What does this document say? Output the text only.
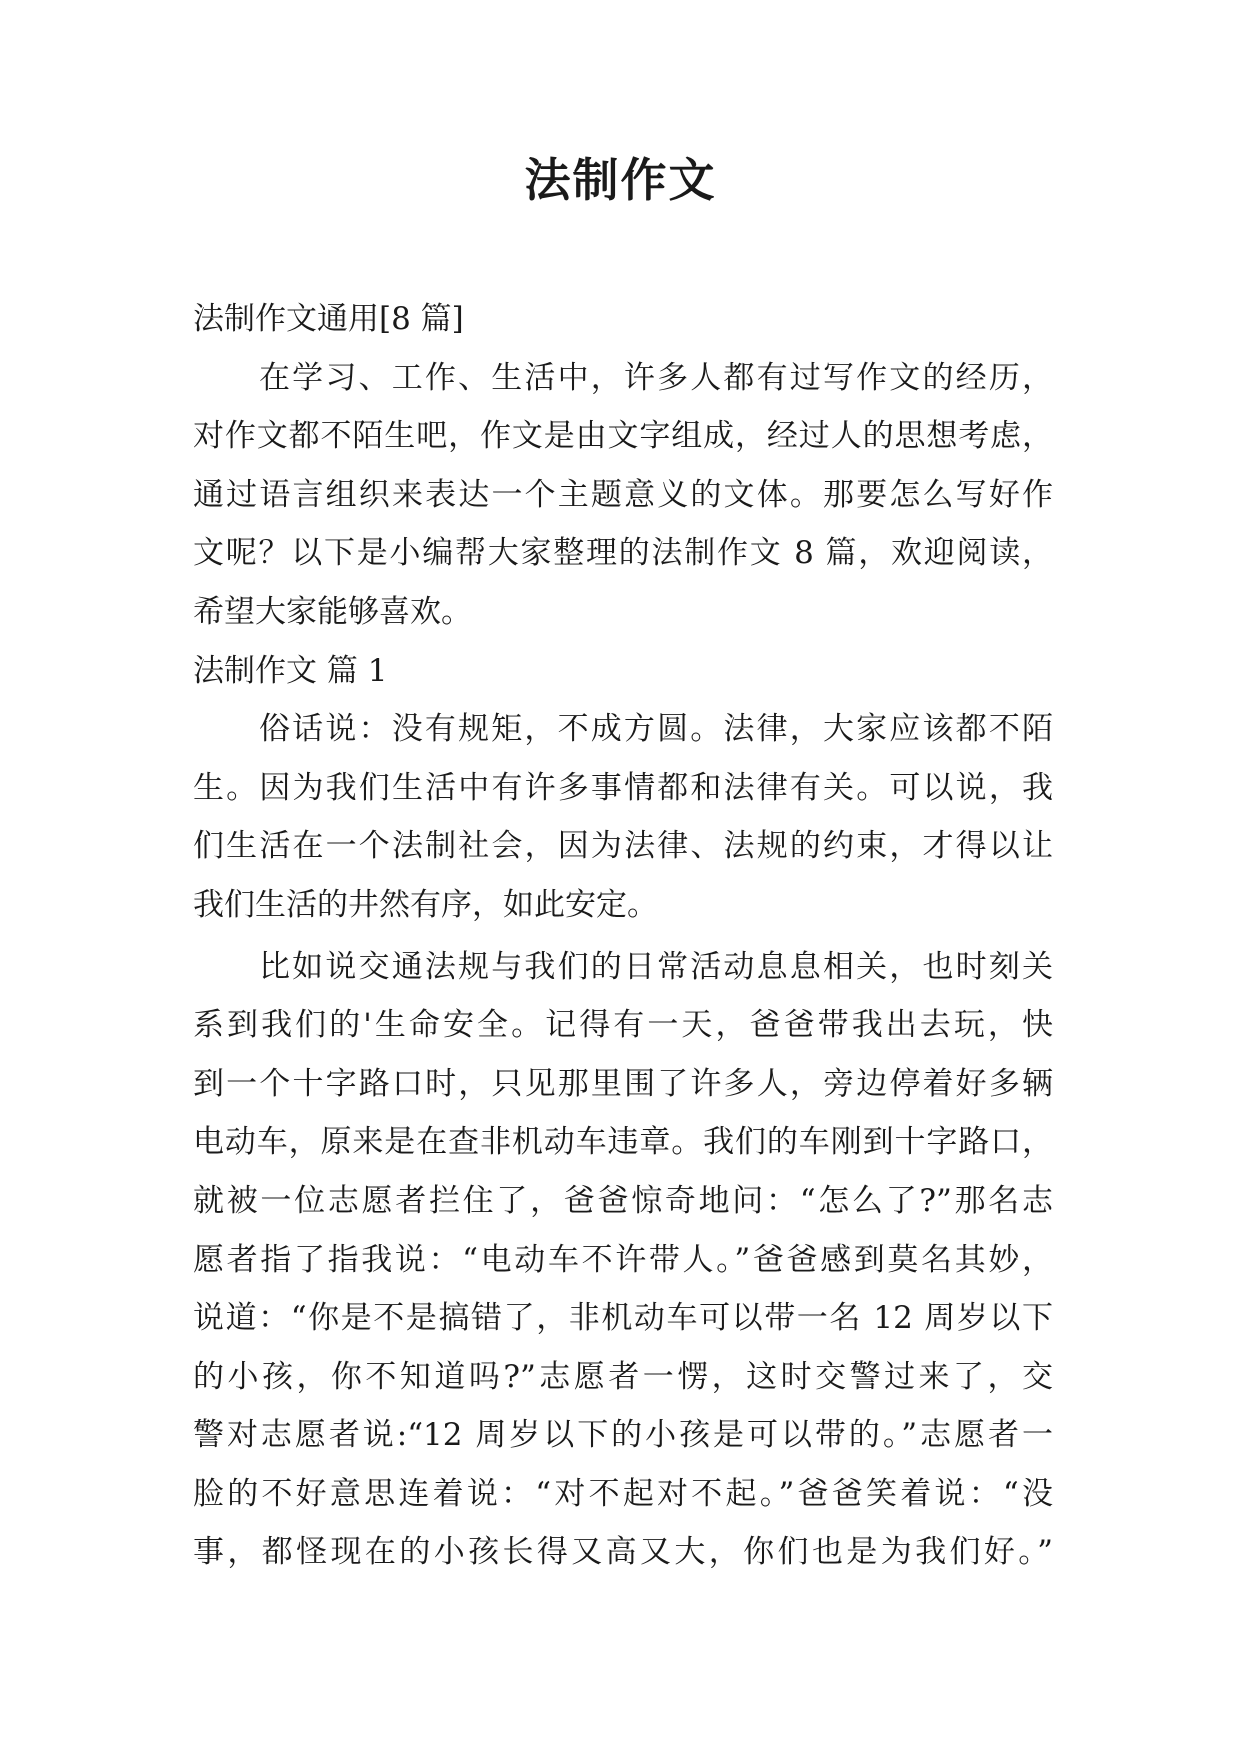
法制作文
法制作文通用[8 篇]
在学习、工作、生活中，许多人都有过写作文的经历，
对作文都不陌生吧，作文是由文字组成，经过人的思想考虑，
通过语言组织来表达一个主题意义的文体。那要怎么写好作
文呢？以下是小编帮大家整理的法制作文 8 篇，欢迎阅读，
希望大家能够喜欢。
法制作文 篇 1
俗话说：没有规矩，不成方圆。法律，大家应该都不陌
生。因为我们生活中有许多事情都和法律有关。可以说，我
们生活在一个法制社会，因为法律、法规的约束，才得以让
我们生活的井然有序，如此安定。
比如说交通法规与我们的日常活动息息相关，也时刻关
系到我们的'生命安全。记得有一天，爸爸带我出去玩，快
到一个十字路口时，只见那里围了许多人，旁边停着好多辆
电动车，原来是在查非机动车违章。我们的车刚到十字路口，
就被一位志愿者拦住了，爸爸惊奇地问：“怎么了?”那名志
愿者指了指我说：“电动车不许带人。”爸爸感到莫名其妙，
说道：“你是不是搞错了，非机动车可以带一名 12 周岁以下
的小孩，你不知道吗?”志愿者一愣，这时交警过来了，交
警对志愿者说:“12 周岁以下的小孩是可以带的。”志愿者一
脸的不好意思连着说：“对不起对不起。”爸爸笑着说：“没
事，都怪现在的小孩长得又高又大，你们也是为我们好。”
